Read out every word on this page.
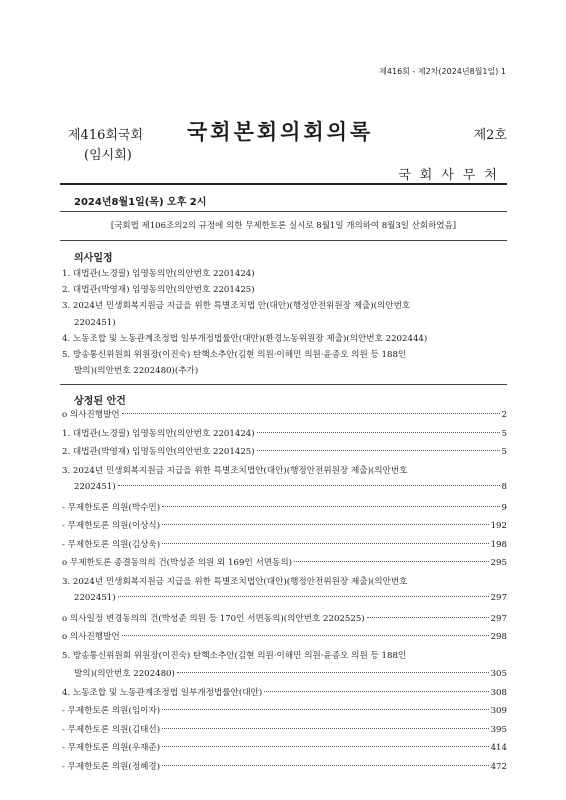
제416회 - 제2차(2024년8월1일) 1
제416회국회
(임시회)
국회본회의회의록	제2호
국회사무처
2024년8월1일(목) 오후 2시
[국회법 제106조의2의 규정에 의한 무제한토론 실시로 8월1일 개의하여 8월3일 산회하였음]
의사일정
1. 대법관(노경필) 임명동의안(의안번호 2201424)
2. 대법관(박영재) 임명동의안(의안번호 2201425)
3. 2024년 민생회복지원금 지급을 위한 특별조치법 안(대안)(행정안전위원장 제출)(의안번호
2202451)
4. 노동조합 및 노동관계조정법 일부개정법률안(대안)(환경노동위원장 제출)(의안번호 2202444)
5. 방송통신위원회 위원장(이진숙) 탄핵소추안(김현 의원·이해민 의원·윤종오 의원 등 188인
발의)(의안번호 2202480)(추가)
상정된 안건
o 의사진행발언	2
1. 대법관(노경필) 임명동의안(의안번호 2201424)	5
2. 대법관(박영재) 임명동의안(의안번호 2201425)	5
3. 2024년 민생회복지원금 지급을 위한 특별조치법안(대안)(행정안전위원장 제출)(의안번호
2202451)	8
- 무제한토론 의원(박수민)	9
- 무제한토론 의원(이상식)	192
- 무제한토론 의원(김상욱)	198
o 무제한토론 종결동의의 건(박성준 의원 외 169인 서면동의)	295
3. 2024년 민생회복지원금 지급을 위한 특별조치법안(대안)(행정안전위원장 제출)(의안번호
2202451)	297
o 의사일정 변경동의의 건(박성준 의원 등 170인 서면동의)(의안번호 2202525)	297
o 의사진행발언	298
5. 방송통신위원회 위원장(이진숙) 탄핵소추안(김현 의원·이해민 의원·윤종오 의원 등 188인
발의)(의안번호 2202480)	305
4. 노동조합 및 노동관계조정법 일부개정법률안(대안)	308
- 무제한토론 의원(임이자)	309
- 무제한토론 의원(김태선)	395
- 무제한토론 의원(우재준)	414
- 무제한토론 의원(정혜경)	472
